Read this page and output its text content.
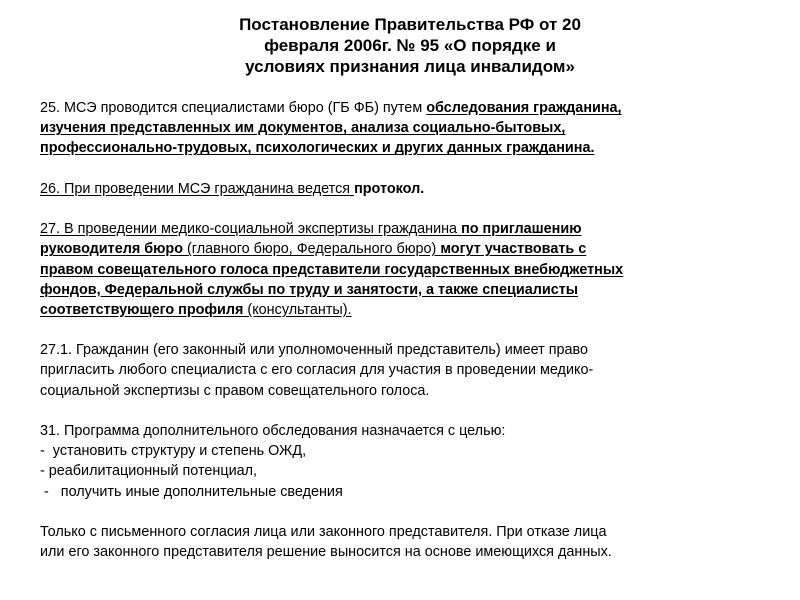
Постановление Правительства РФ от 20
февраля 2006г. № 95 «О порядке и
условиях признания лица инвалидом»
25. МСЭ проводится специалистами бюро (ГБ ФБ) путем обследования гражданина,
изучения представленных им документов, анализа социально-бытовых,
профессионально-трудовых, психологических и других данных гражданина.
26. При проведении МСЭ гражданина ведется протокол.
27. В проведении медико-социальной экспертизы гражданина по приглашению
руководителя бюро (главного бюро, Федерального бюро) могут участвовать с
правом совещательного голоса представители государственных внебюджетных
фондов, Федеральной службы по труду и занятости, а также специалисты
соответствующего профиля (консультанты).
27.1. Гражданин (его законный или уполномоченный представитель) имеет право
пригласить любого специалиста с его согласия для участия в проведении медико-
социальной экспертизы с правом совещательного голоса.
31. Программа дополнительного обследования назначается с целью:
-  установить структуру и степень ОЖД,
- реабилитационный потенциал,
-   получить иные дополнительные сведения
Только с письменного согласия лица или законного представителя. При отказе лица
или его законного представителя решение выносится на основе имеющихся данных.
